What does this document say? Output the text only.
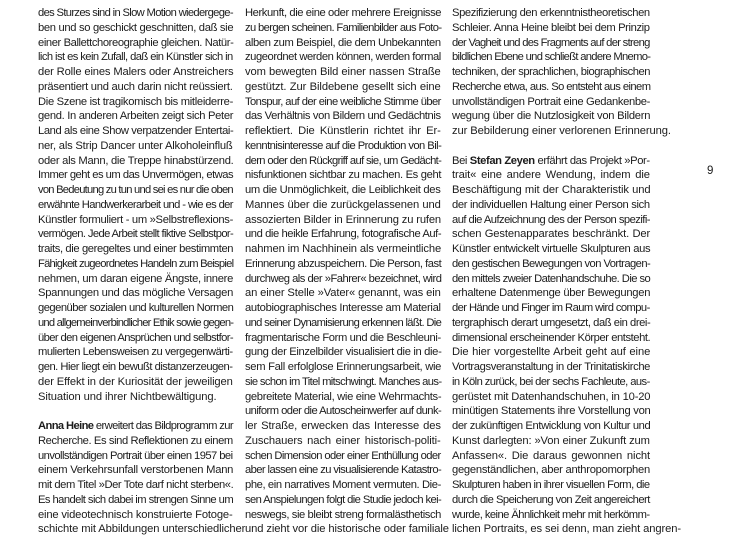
des Sturzes sind in Slow Motion wiedergege-
ben und so geschickt geschnitten, daß sie
einer Ballettchoreographie gleichen. Natür-
lich ist es kein Zufall, daß ein Künstler sich in
der Rolle eines Malers oder Anstreichers
präsentiert und auch darin nicht reüssiert.
Die Szene ist tragikomisch bis mitleiderre-
gend. In anderen Arbeiten zeigt sich Peter
Land als eine Show verpatzender Entertai-
ner, als Strip Dancer unter Alkoholeinfluß
oder als Mann, die Treppe hinabstürzend.
Immer geht es um das Unvermögen, etwas
von Bedeutung zu tun und sei es nur die oben
erwähnte Handwerkerarbeit und - wie es der
Künstler formuliert - um »Selbstreflexions-
vermögen. Jede Arbeit stellt fiktive Selbstpor-
traits, die geregeltes und einer bestimmten
Fähigkeit zugeordnetes Handeln zum Beispiel
nehmen, um daran eigene Ängste, innere
Spannungen und das mögliche Versagen
gegenüber sozialen und kulturellen Normen
und allgemeinverbindlicher Ethik sowie gegen-
über den eigenen Ansprüchen und selbstfor-
mulierten Lebensweisen zu vergegenwärti-
gen. Hier liegt ein bewußt distanzerzeugen-
der Effekt in der Kuriosität der jeweiligen
Situation und ihrer Nichtbewältigung.
Anna Heine erweitert das Bildprogramm zur
Recherche. Es sind Reflektionen zu einem
unvollständigen Portrait über einen 1957 bei
einem Verkehrsunfall verstorbenen Mann
mit dem Titel »Der Tote darf nicht sterben«.
Es handelt sich dabei im strengen Sinne um
eine videotechnisch konstruierte Fotoge-
schichte mit Abbildungen unterschiedlicher
Herkunft, die eine oder mehrere Ereignisse
zu bergen scheinen. Familienbilder aus Foto-
alben zum Beispiel, die dem Unbekannten
zugeordnet werden können, werden formal
vom bewegten Bild einer nassen Straße
gestützt. Zur Bildebene gesellt sich eine
Tonspur, auf der eine weibliche Stimme über
das Verhältnis von Bildern und Gedächtnis
reflektiert. Die Künstlerin richtet ihr Er-
kenntnisinteresse auf die Produktion von Bil-
dern oder den Rückgriff auf sie, um Gedächt-
nisfunktionen sichtbar zu machen. Es geht
um die Unmöglichkeit, die Leiblichkeit des
Mannes über die zurückgelassenen und
assozierten Bilder in Erinnerung zu rufen
und die heikle Erfahrung, fotografische Auf-
nahmen im Nachhinein als vermeintliche
Erinnerung abzuspeichern. Die Person, fast
durchweg als der »Fahrer« bezeichnet, wird
an einer Stelle »Vater« genannt, was ein
autobiographisches Interesse am Material
und seiner Dynamisierung erkennen läßt. Die
fragmentarische Form und die Beschleuni-
gung der Einzelbilder visualisiert die in die-
sem Fall erfolglose Erinnerungsarbeit, wie
sie schon im Titel mitschwingt. Manches aus-
gebreitete Material, wie eine Wehrmachts-
uniform oder die Autoscheinwerfer auf dunk-
ler Straße, erwecken das Interesse des
Zuschauers nach einer historisch-politi-
schen Dimension oder einer Enthüllung oder
aber lassen eine zu visualisierende Katastro-
phe, ein narratives Moment vermuten. Die-
sen Anspielungen folgt die Studie jedoch kei-
neswegs, sie bleibt streng formalästhetisch
und zieht vor die historische oder familiale
Spezifizierung den erkenntnistheoretischen
Schleier. Anna Heine bleibt bei dem Prinzip
der Vagheit und des Fragments auf der streng
bildlichen Ebene und schließt andere Mnemo-
techniken, der sprachlichen, biographischen
Recherche etwa, aus. So entsteht aus einem
unvollständigen Portrait eine Gedankenbe-
wegung über die Nutzlosigkeit von Bildern
zur Bebilderung einer verlorenen Erinnerung.
Bei Stefan Zeyen erfährt das Projekt »Por-
trait« eine andere Wendung, indem die
Beschäftigung mit der Charakteristik und
der individuellen Haltung einer Person sich
auf die Aufzeichnung des der Person spezifi-
schen Gestenapparates beschränkt. Der
Künstler entwickelt virtuelle Skulpturen aus
den gestischen Bewegungen von Vortragen-
den mittels zweier Datenhandschuhe. Die so
erhaltene Datenmenge über Bewegungen
der Hände und Finger im Raum wird compu-
tergraphisch derart umgesetzt, daß ein drei-
dimensional erscheinender Körper entsteht.
Die hier vorgestellte Arbeit geht auf eine
Vortragsveranstaltung in der Trinitatiskirche
in Köln zurück, bei der sechs Fachleute, aus-
gerüstet mit Datenhandschuhen, in 10-20
minütigen Statements ihre Vorstellung von
der zukünftigen Entwicklung von Kultur und
Kunst darlegten: »Von einer Zukunft zum
Anfassen«. Die daraus gewonnen nicht
gegenständlichen, aber anthropomorphen
Skulpturen haben in ihrer visuellen Form, die
durch die Speicherung von Zeit angereichert
wurde, keine Ähnlichkeit mehr mit herkömm-
lichen Portraits, es sei denn, man zieht angren-
9
